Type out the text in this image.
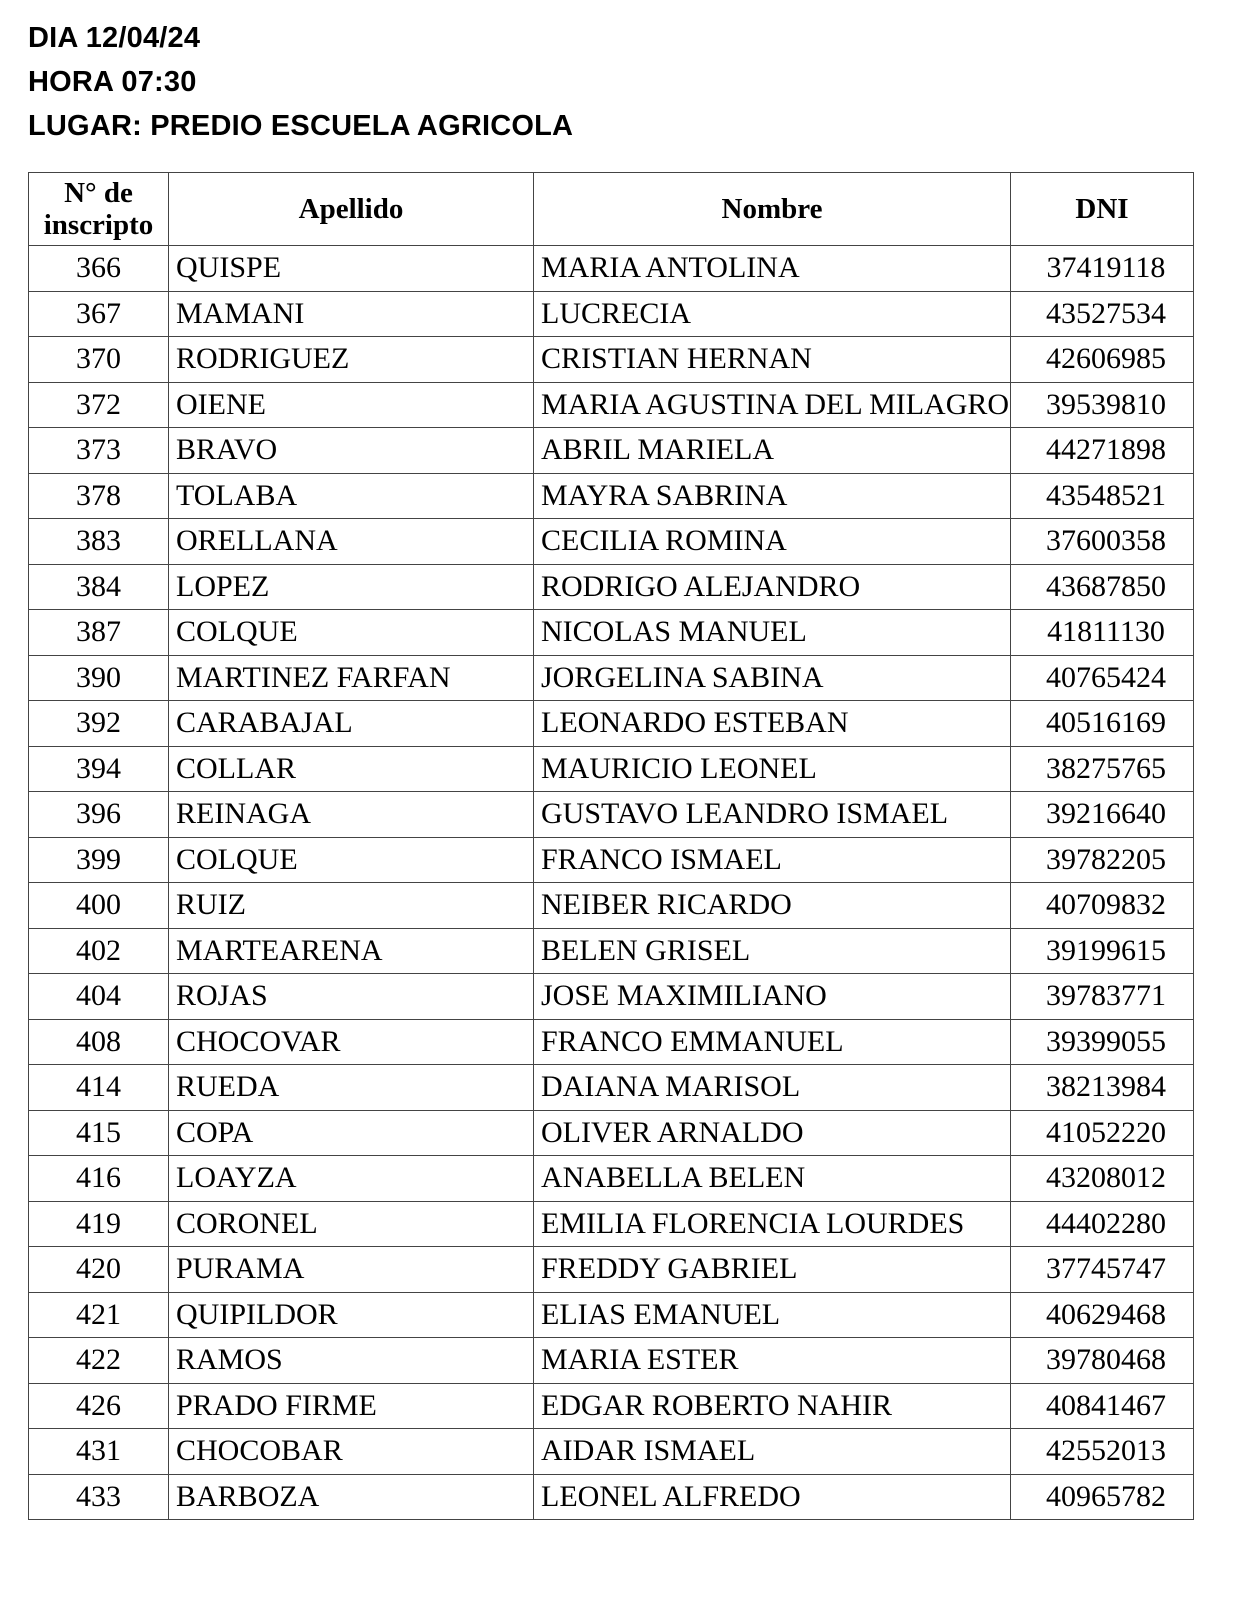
DIA 12/04/24
HORA 07:30
LUGAR: PREDIO ESCUELA AGRICOLA
N° de
inscripto	Apellido	Nombre	DNI
366	QUISPE	MARIA ANTOLINA	37419118
367	MAMANI	LUCRECIA	43527534
370	RODRIGUEZ	CRISTIAN HERNAN	42606985
372	OIENE	MARIA AGUSTINA DEL MILAGRO	39539810
373	BRAVO	ABRIL MARIELA	44271898
378	TOLABA	MAYRA SABRINA	43548521
383	ORELLANA	CECILIA ROMINA	37600358
384	LOPEZ	RODRIGO ALEJANDRO	43687850
387	COLQUE	NICOLAS MANUEL	41811130
390	MARTINEZ FARFAN	JORGELINA SABINA	40765424
392	CARABAJAL	LEONARDO ESTEBAN	40516169
394	COLLAR	MAURICIO LEONEL	38275765
396	REINAGA	GUSTAVO LEANDRO ISMAEL	39216640
399	COLQUE	FRANCO ISMAEL	39782205
400	RUIZ	NEIBER RICARDO	40709832
402	MARTEARENA	BELEN GRISEL	39199615
404	ROJAS	JOSE MAXIMILIANO	39783771
408	CHOCOVAR	FRANCO EMMANUEL	39399055
414	RUEDA	DAIANA MARISOL	38213984
415	COPA	OLIVER ARNALDO	41052220
416	LOAYZA	ANABELLA BELEN	43208012
419	CORONEL	EMILIA FLORENCIA LOURDES	44402280
420	PURAMA	FREDDY GABRIEL	37745747
421	QUIPILDOR	ELIAS EMANUEL	40629468
422	RAMOS	MARIA ESTER	39780468
426	PRADO FIRME	EDGAR ROBERTO NAHIR	40841467
431	CHOCOBAR	AIDAR ISMAEL	42552013
433	BARBOZA	LEONEL ALFREDO	40965782
